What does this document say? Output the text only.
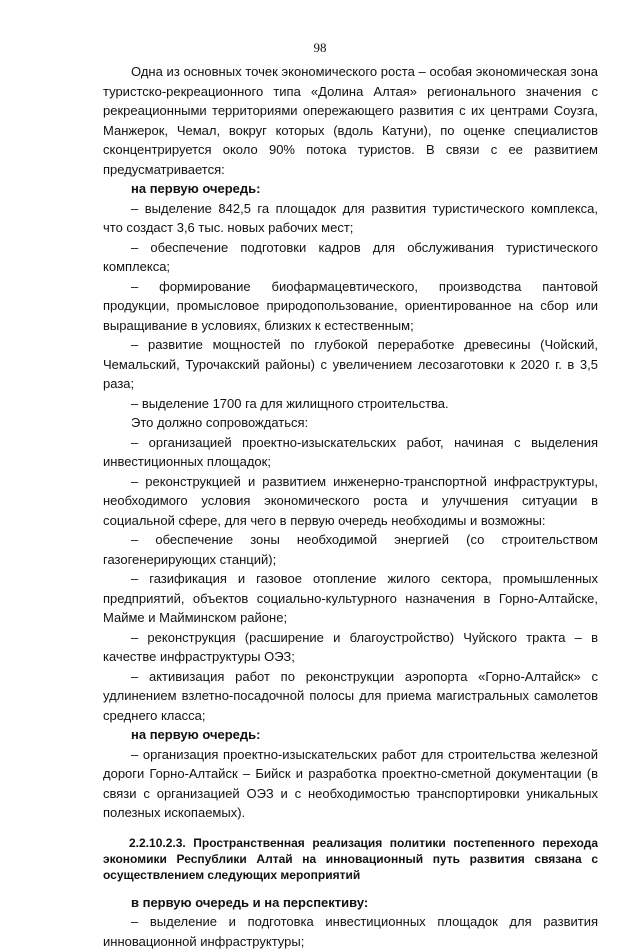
98

Одна из основных точек экономического роста – особая экономическая зона туристско-рекреационного типа «Долина Алтая» регионального значения с рекреационными территориями опережающего развития с их центрами Соузга, Манжерок, Чемал, вокруг которых (вдоль Катуни), по оценке специалистов сконцентрируется около 90% потока туристов. В связи с ее развитием предусматривается:

на первую очередь:

– выделение 842,5 га площадок для развития туристического комплекса, что создаст 3,6 тыс. новых рабочих мест;

– обеспечение подготовки кадров для обслуживания туристического комплекса;

– формирование биофармацевтического, производства пантовой продукции, промысловое природопользование, ориентированное на сбор или выращивание в условиях, близких к естественным;

– развитие мощностей по глубокой переработке древесины (Чойский, Чемальский, Турочакский районы) с увеличением лесозаготовки к 2020 г. в 3,5 раза;

– выделение 1700 га для жилищного строительства.

Это должно сопровождаться:

– организацией проектно-изыскательских работ, начиная с выделения инвестиционных площадок;

– реконструкцией и развитием инженерно-транспортной инфраструктуры, необходимого условия экономического роста и улучшения ситуации в социальной сфере, для чего в первую очередь необходимы и возможны:

– обеспечение зоны необходимой энергией (со строительством газогенерирующих станций);

– газификация и газовое отопление жилого сектора, промышленных предприятий, объектов социально-культурного назначения в Горно-Алтайске, Майме и Майминском районе;

– реконструкция (расширение и благоустройство) Чуйского тракта – в качестве инфраструктуры ОЭЗ;

– активизация работ по реконструкции аэропорта «Горно-Алтайск» с удлинением взлетно-посадочной полосы для приема магистральных самолетов среднего класса;

на первую очередь:

– организация проектно-изыскательских работ для строительства железной дороги Горно-Алтайск – Бийск и разработка проектно-сметной документации (в связи с организацией ОЭЗ и с необходимостью транспортировки уникальных полезных ископаемых).

2.2.10.2.3. Пространственная реализация политики постепенного перехода экономики Республики Алтай на инновационный путь развития связана с осуществлением следующих мероприятий

в первую очередь и на перспективу:

– выделение и подготовка инвестиционных площадок для развития инновационной инфраструктуры;
